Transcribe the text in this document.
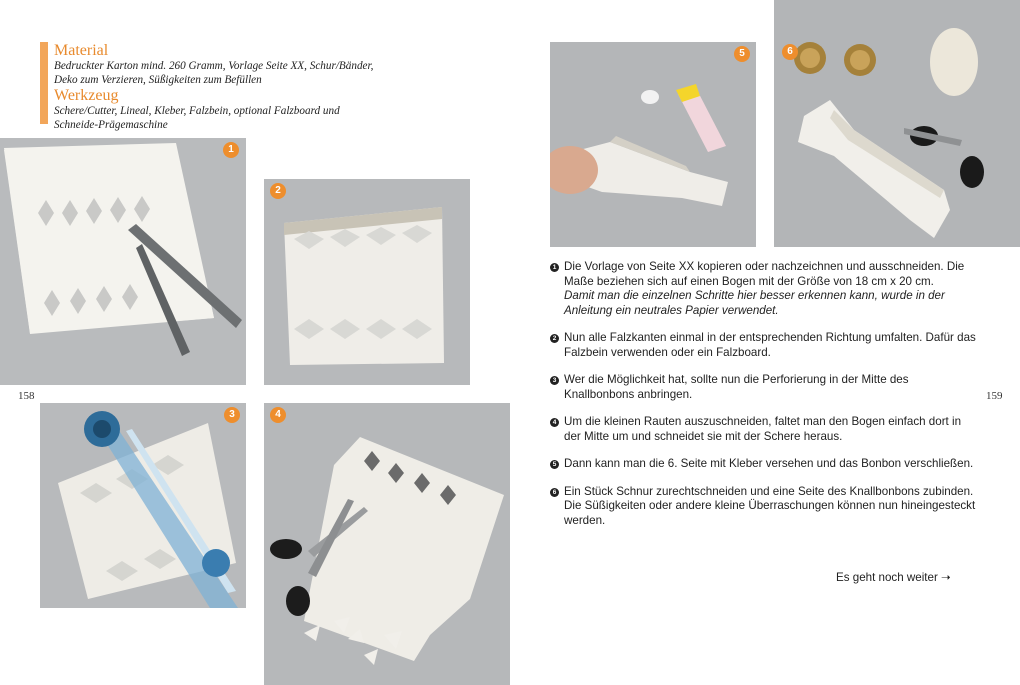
Material
Bedruckter Karton mind. 260 Gramm, Vorlage Seite XX, Schur/Bänder, Deko zum Verzieren, Süßigkeiten zum Befüllen
Werkzeug
Schere/Cutter, Lineal, Kleber, Falzbein, optional Falzboard und Schneide-Prägemaschine
1
2
3	4
5	6
158	159
1 Die Vorlage von Seite XX kopieren oder nachzeichnen und ausschneiden. Die Maße beziehen sich auf einen Bogen mit der Größe von 18 cm x 20 cm.
Damit man die einzelnen Schritte hier besser erkennen kann, wurde in der Anleitung ein neutrales Papier verwendet.
2 Nun alle Falzkanten einmal in der entsprechenden Richtung umfalten. Dafür das Falzbein verwenden oder ein Falzboard.
3 Wer die Möglichkeit hat, sollte nun die Perforierung in der Mitte des Knallbonbons anbringen.
4 Um die kleinen Rauten auszuschneiden, faltet man den Bogen einfach dort in der Mitte um und schneidet sie mit der Schere heraus.
5 Dann kann man die 6. Seite mit Kleber versehen und das Bonbon verschließen.
6 Ein Stück Schnur zurechtschneiden und eine Seite des Knallbonbons zubinden. Die Süßigkeiten oder andere kleine Überraschungen können nun hineingesteckt werden.
Es geht noch weiter ➝
